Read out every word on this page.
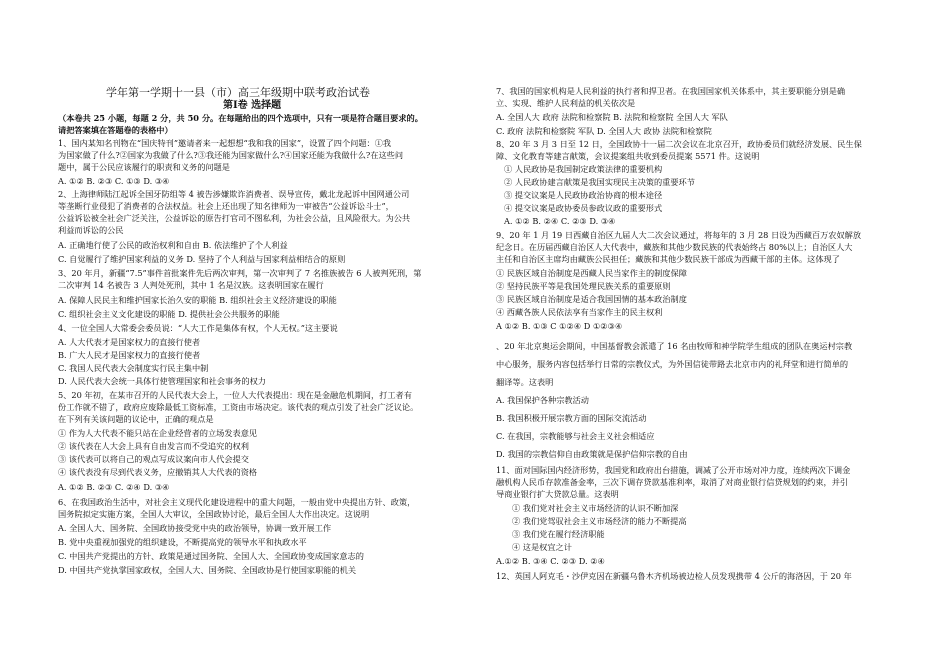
学年第一学期十一县（市）高三年级期中联考政治试卷
第Ⅰ卷 选择题
（本卷共 25 小题，每题 2 分，共 50 分。在每题给出的四个选项中，只有一项是符合题目要求的。
请把答案填在答题卷的表格中）
1、国内某知名刊物在“国庆特刊”邀请者来一起想想“我和我的国家”，设置了四个问题：①我
为国家做了什么?②国家为我做了什么?③我还能为国家做什么?④国家还能为我做什么?在这些问
题中，属于公民应该履行的职责和义务的问题是
A. ①② B. ②③ C. ①③ D. ③④
2、上海律师陆江起诉全国牙防组等 4 被告涉嫌欺诈消费者、误导宣传，戴北龙起诉中国网通公司
等垄断行业侵犯了消费者的合法权益。社会上还出现了知名律师为一审被告“公益诉讼斗士”，
公益诉讼被全社会广泛关注，公益诉讼的原告打官司不图私利，为社会公益，且风险很大。为公共
利益而诉讼的公民
A. 正确地行使了公民的政治权利和自由 B. 依法维护了个人利益
C. 自觉履行了维护国家利益的义务 D. 坚持了个人利益与国家利益相结合的原则
3、20 年月，新疆“7.5”事件首批案件先后两次审判，第一次审判了 7 名推族被告 6 人被判死刑，第
二次审判 14 名被告 3 人判处死刑，其中 1 名是汉族。这表明国家在履行
A. 保障人民民主和维护国家长治久安的职能 B. 组织社会主义经济建设的职能
C. 组织社会主义文化建设的职能 D. 提供社会公共服务的职能
4、一位全国人大常委会委员说：“人大工作是集体有权，个人无权。”这主要说
A. 人大代表才是国家权力的直接行使者
B. 广大人民才是国家权力的直接行使者
C. 我国人民代表大会制度实行民主集中制
D. 人民代表大会统一具体行使管理国家和社会事务的权力
5、20 年初，在某市召开的人民代表大会上，一位人大代表提出：现在是金融危机期间，打工者有
份工作就不错了，政府应废除最低工资标准，工资由市场决定。该代表的观点引发了社会广泛议论。
在下列有关该问题的议论中，正确的观点是
① 作为人大代表不能只站在企业经营者的立场发表意见
② 该代表在人大会上具有自由发言而不受追究的权利
③ 该代表可以将自己的观点写成议案向市人代会提交
④ 该代表没有尽到代表义务，应撤销其人大代表的资格
A. ①② B. ②③ C. ②④ D. ③④
6、在我国政治生活中，对社会主义现代化建设进程中的重大问题，一般由党中央提出方针、政策，
国务院拟定实施方案，全国人大审议，全国政协讨论，最后全国人大作出决定。这说明
A. 全国人大、国务院、全国政协接受党中央的政治领导，协调一致开展工作
B. 党中央重视加强党的组织建设，不断提高党的领导水平和执政水平
C. 中国共产党提出的方针、政策是通过国务院、全国人大、全国政协变成国家意志的
D. 中国共产党执掌国家政权，全国人大、国务院、全国政协是行使国家职能的机关
7、我国的国家机构是人民利益的执行者和捍卫者。在我国国家机关体系中，其主要职能分别是确
立、实现、维护人民利益的机关依次是
A. 全国人大 政府 法院和检察院 B. 法院和检察院 全国人大 军队
C. 政府 法院和检察院 军队 D. 全国人大 政协 法院和检察院
8、20 年 3 月 3 日至 12 日，全国政协十一届二次会议在北京召开，政协委员们就经济发展、民生保
障、文化教育等建言献策，会议提案组共收到委员提案 5571 件。这说明
① 人民政协是我国制定政策法律的重要机构
② 人民政协建言献策是我国实现民主决策的重要环节
③ 提交议案是人民政协政治协商的根本途径
④ 提交议案是政协委员参政议政的重要形式
A. ①② B. ②④ C. ②③ D. ③④
9、20 年 1 月 19 日西藏自治区九届人大二次会议通过，将每年的 3 月 28 日设为西藏百万农奴解放
纪念日。在历届西藏自治区人大代表中，藏族和其他少数民族的代表始终占 80%以上；自治区人大
主任和自治区主席均由藏族公民担任；藏族和其他少数民族干部成为西藏干部的主体。这体现了
① 民族区域自治制度是西藏人民当家作主的制度保障
② 坚持民族平等是我国处理民族关系的重要原则
③ 民族区域自治制度是适合我国国情的基本政治制度
④ 西藏各族人民依法享有当家作主的民主权利
A ①② B. ①③ C ①②④ D ①②③④
、20 年北京奥运会期间，中国基督教会派遣了 16 名由牧师和神学院学生组成的团队在奥运村宗教
中心服务，服务内容包括举行日常的宗教仪式，为外国信徒带路去北京市内的礼拜堂和进行简单的
翻译等。这表明
A. 我国保护各种宗教活动
B. 我国积极开展宗教方面的国际交流活动
C. 在我国，宗教能够与社会主义社会相适应
D. 我国的宗教信仰自由政策就是保护信仰宗教的自由
11、面对国际国内经济形势，我国党和政府出台措施，调减了公开市场对冲力度，连续两次下调金
融机构人民币存款准备金率，三次下调存贷款基准利率，取消了对商业银行信贷规划的约束，并引
导商业银行扩大贷款总量。这表明
① 我们党对社会主义市场经济的认识不断加深
② 我们党驾驭社会主义市场经济的能力不断提高
③ 我们党在履行经济职能
④ 这是权宜之计
A.①② B. ③④ C. ②③ D. ②④
12、英国人阿克毛・沙伊克因在新疆乌鲁木齐机场被边检人员发现携带 4 公斤的海洛因，于 20 年
